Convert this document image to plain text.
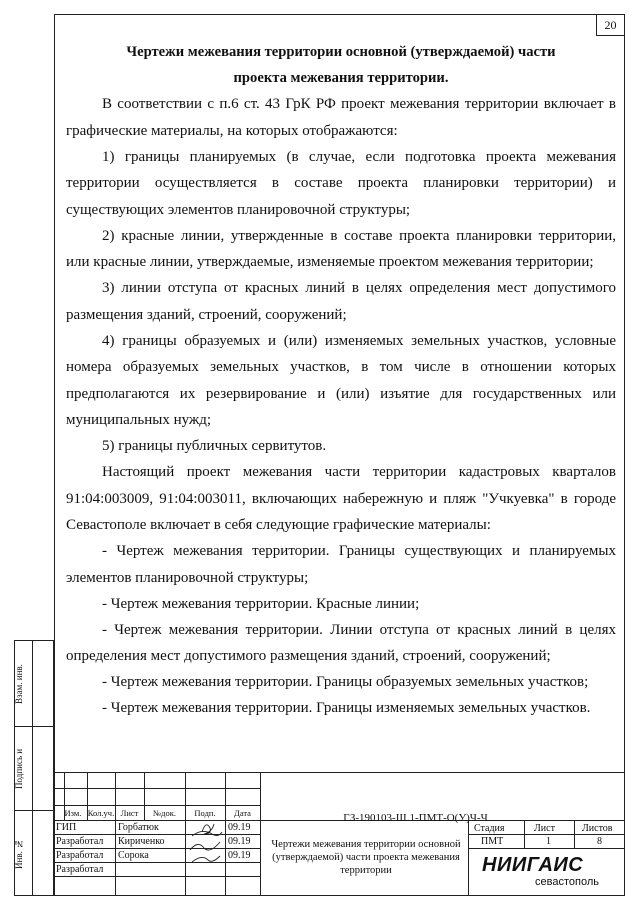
20
Чертежи межевания территории основной (утверждаемой) части
проекта межевания территории.

В соответствии с п.6 ст. 43 ГрК РФ проект межевания территории включает в графические материалы, на которых отображаются:

1) границы планируемых (в случае, если подготовка проекта межевания территории осуществляется в составе проекта планировки территории) и существующих элементов планировочной структуры;

2) красные линии, утвержденные в составе проекта планировки территории, или красные линии, утверждаемые, изменяемые проектом межевания территории;

3) линии отступа от красных линий в целях определения мест допустимого размещения зданий, строений, сооружений;

4) границы образуемых и (или) изменяемых земельных участков, условные номера образуемых земельных участков, в том числе в отношении которых предполагаются их резервирование и (или) изъятие для государственных или муниципальных нужд;

5) границы публичных сервитутов.

Настоящий проект межевания части территории кадастровых кварталов 91:04:003009, 91:04:003011, включающих набережную и пляж "Учкуевка" в городе Севастополе включает в себя следующие графические материалы:

- Чертеж межевания территории. Границы существующих и планируемых элементов планировочной структуры;

- Чертеж межевания территории. Красные линии;

- Чертеж межевания территории. Линии отступа от красных линий в целях определения мест допустимого размещения зданий, строений, сооружений;

- Чертеж межевания территории. Границы образуемых земельных участков;

- Чертеж межевания территории. Границы изменяемых земельных участков.

Взам. инв.
Подпись и
Инв. №
Изм. Кол.уч. Лист	№док.	Подп.	Дата
ГИП	Горбатюк	09.19
Разработал Кириченко	09.19
Разработал Сорока	09.19
Разработал
Стадия	Лист	Листов
ПМТ	1	8
ГЗ-190103-III.1-ПМТ-О(У)Ч-Ч
Чертежи межевания территории основной (утверждаемой) части проекта межевания территории	НИИГАИС
севастополь
